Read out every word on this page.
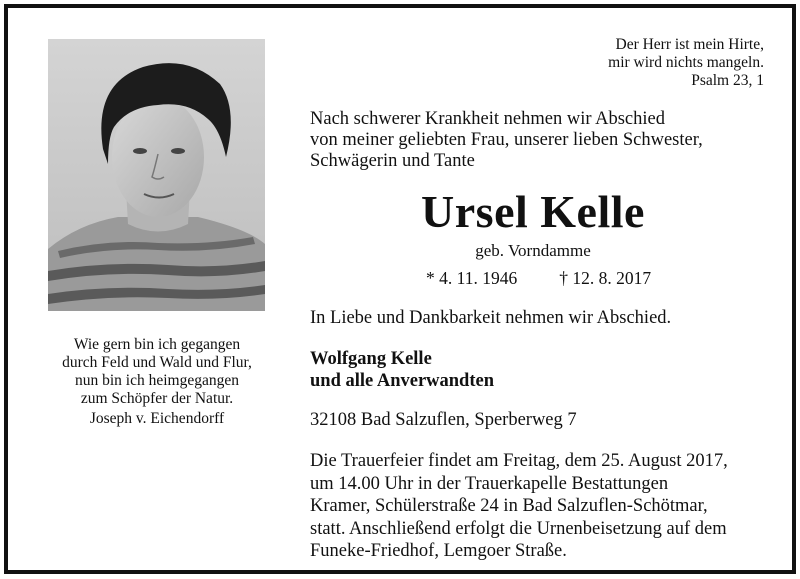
Wie gern bin ich gegangen
durch Feld und Wald und Flur,
nun bin ich heimgegangen
zum Schöpfer der Natur.
Joseph v. Eichendorff
Der Herr ist mein Hirte,
mir wird nichts mangeln.
Psalm 23, 1
Nach schwerer Krankheit nehmen wir Abschied
von meiner geliebten Frau, unserer lieben Schwester,
Schwägerin und Tante
Ursel Kelle
geb. Vorndamme
* 4. 11. 1946 † 12. 8. 2017
In Liebe und Dankbarkeit nehmen wir Abschied.
Wolfgang Kelle
und alle Anverwandten
32108 Bad Salzuflen, Sperberweg 7
Die Trauerfeier findet am Freitag, dem 25. August 2017,
um 14.00 Uhr in der Trauerkapelle Bestattungen
Kramer, Schülerstraße 24 in Bad Salzuflen-Schötmar,
statt. Anschließend erfolgt die Urnenbeisetzung auf dem
Funeke-Friedhof, Lemgoer Straße.
